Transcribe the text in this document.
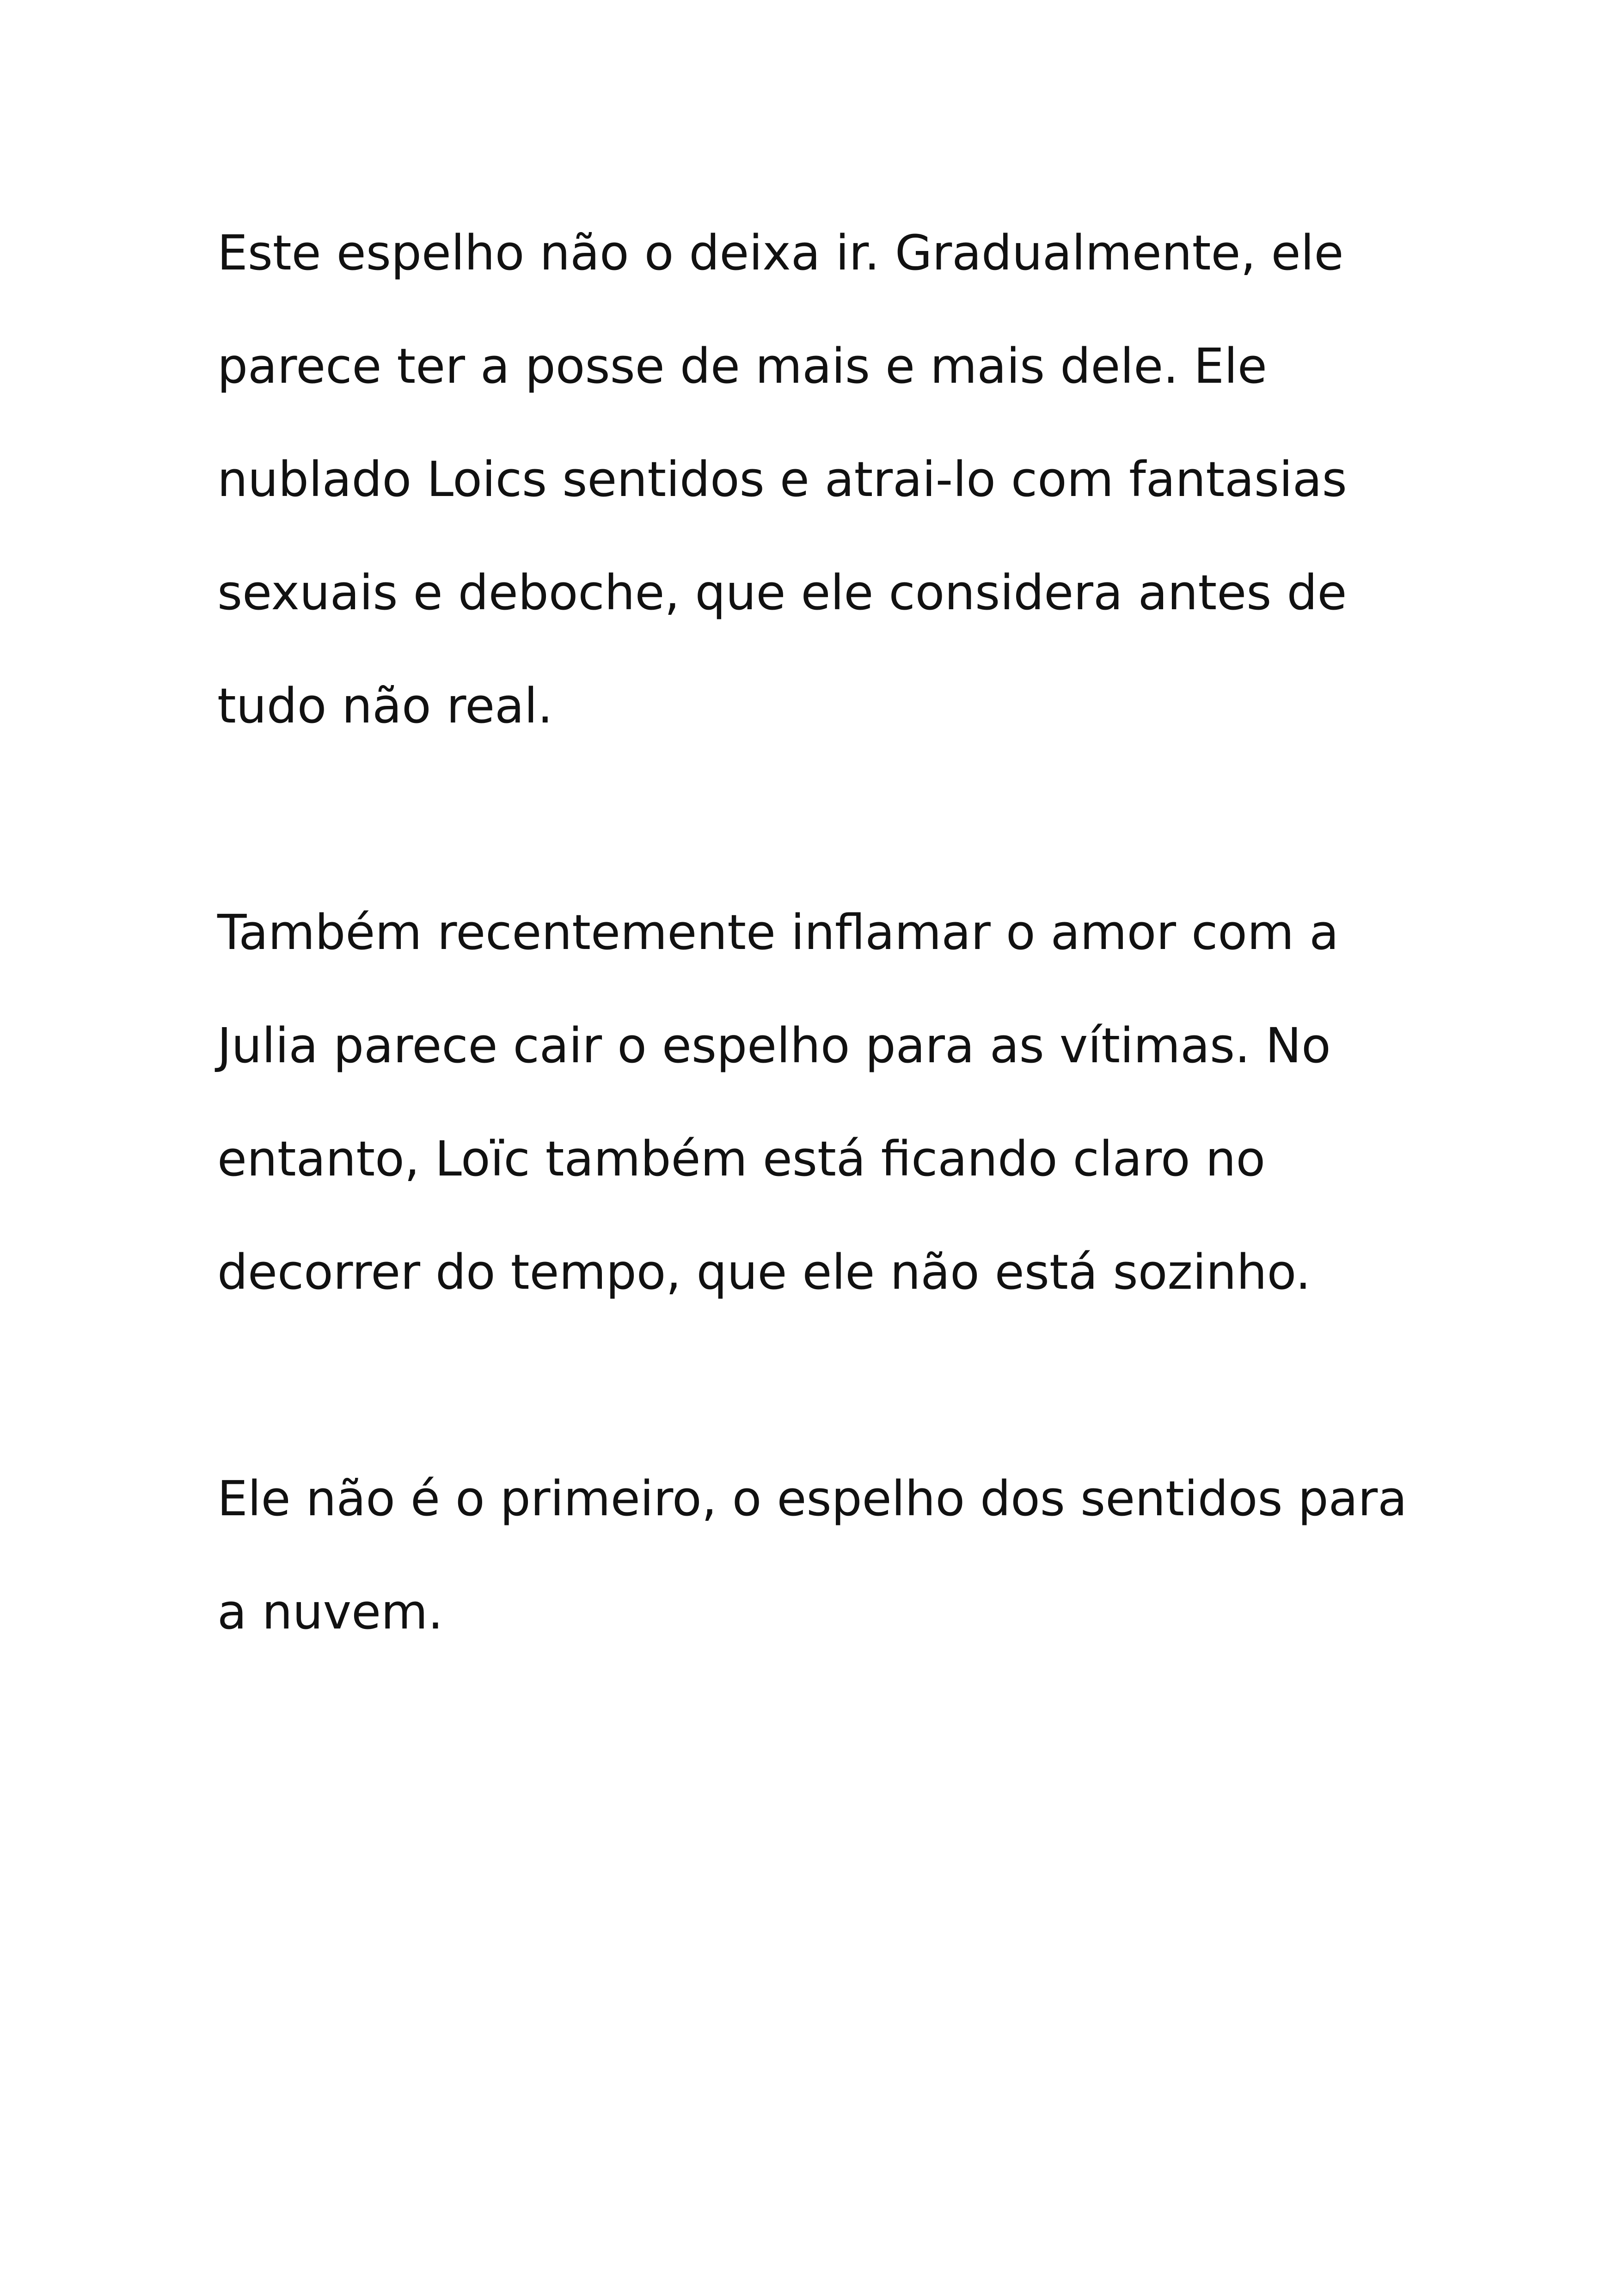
Este espelho não o deixa ir. Gradualmente, ele
parece ter a posse de mais e mais dele. Ele
nublado Loics sentidos e atrai-lo com fantasias
sexuais e deboche, que ele considera antes de
tudo não real.
Também recentemente inflamar o amor com a
Julia parece cair o espelho para as vítimas. No
entanto, Loïc também está ficando claro no
decorrer do tempo, que ele não está sozinho.
Ele não é o primeiro, o espelho dos sentidos para
a nuvem.
